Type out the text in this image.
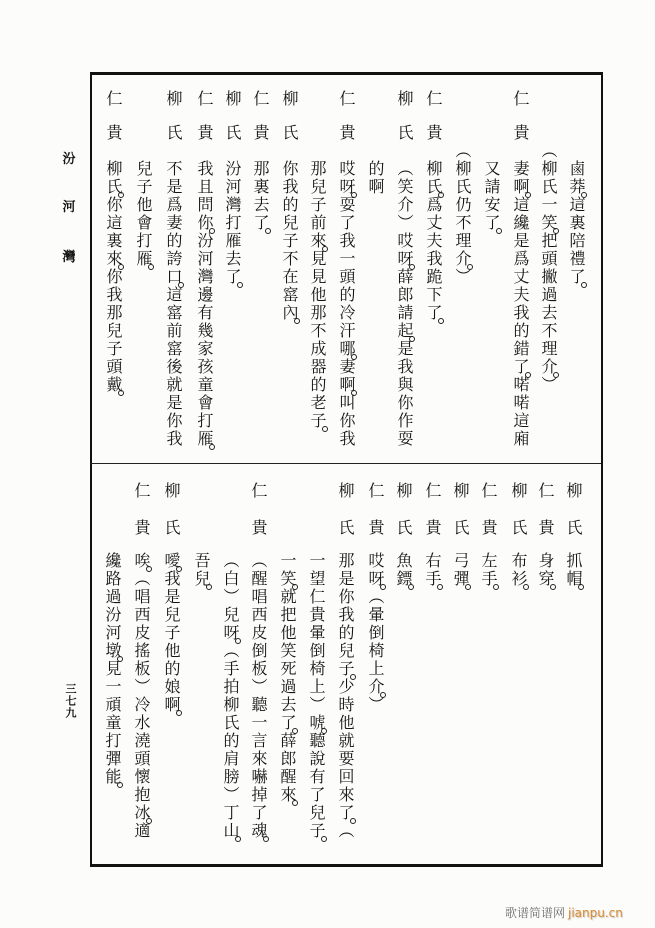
汾
河
灣
三七九
鹵莽這裏陪禮了
（柳氏一笑把頭撇過去不理介）
仁貴
妻啊這纔是爲丈夫我的錯了喏喏這廂
又請安了
（柳氏仍不理介）
仁貴
柳氏爲丈夫我跪下了
柳氏
（笑介）哎呀薛郎請起是我與你作耍
的啊
仁貴
哎呀耍了我一頭的冷汗哪妻啊叫你我
那兒子前來見見他那不成器的老子
柳氏
你我的兒子不在窰內
仁貴
那裏去了
柳氏
汾河灣打雁去了
仁貴
我且問你汾河灣邊有幾家孩童會打雁
柳氏
不是爲妻的誇口這窰前窰後就是你我
兒子他會打雁
仁貴
柳氏你這裏來你我那兒子頭戴
柳氏
抓帽
仁貴
身穿
柳氏
布衫
仁貴
左手
柳氏
弓彈
仁貴
右手
柳氏
魚鏢
仁貴
哎呀（暈倒椅上介）
柳氏
那是你我的兒子少時他就要回來了（
一望仁貴暈倒椅上）唬聽說有了兒子
一笑就把他笑死過去了薛郎醒來
仁貴
（醒唱西皮倒板）聽一言來嚇掉了魂
（白）兒呀（手拍柳氏的肩膀）丁山
吾兒
柳氏
噯我是兒子他的娘啊
仁貴
唉（唱西皮搖板）冷水澆頭懷抱冰適
纔路過汾河墩見一頑童打彈能
歌谱简谱网 jianpu.cn
